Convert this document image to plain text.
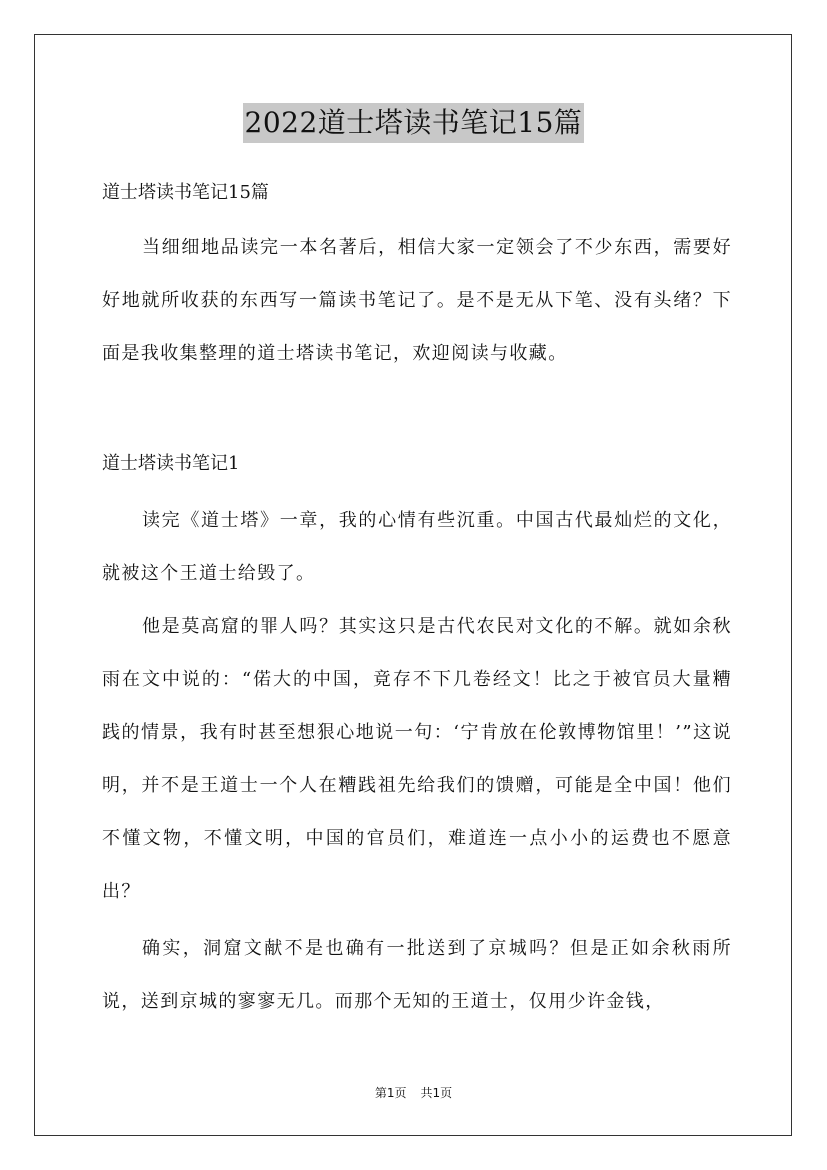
2022道士塔读书笔记15篇
道士塔读书笔记15篇

当细细地品读完一本名著后，相信大家一定领会了不少东西，需要好好地就所收获的东西写一篇读书笔记了。是不是无从下笔、没有头绪？下面是我收集整理的道士塔读书笔记，欢迎阅读与收藏。

道士塔读书笔记1

读完《道士塔》一章，我的心情有些沉重。中国古代最灿烂的文化，就被这个王道士给毁了。

他是莫高窟的罪人吗？其实这只是古代农民对文化的不解。就如余秋雨在文中说的：“偌大的中国，竟存不下几卷经文！比之于被官员大量糟践的情景，我有时甚至想狠心地说一句：‘宁肯放在伦敦博物馆里！’”这说明，并不是王道士一个人在糟践祖先给我们的馈赠，可能是全中国！他们不懂文物，不懂文明，中国的官员们，难道连一点小小的运费也不愿意出？

确实，洞窟文献不是也确有一批送到了京城吗？但是正如余秋雨所说，送到京城的寥寥无几。而那个无知的王道士，仅用少许金钱，

第1页 共1页
